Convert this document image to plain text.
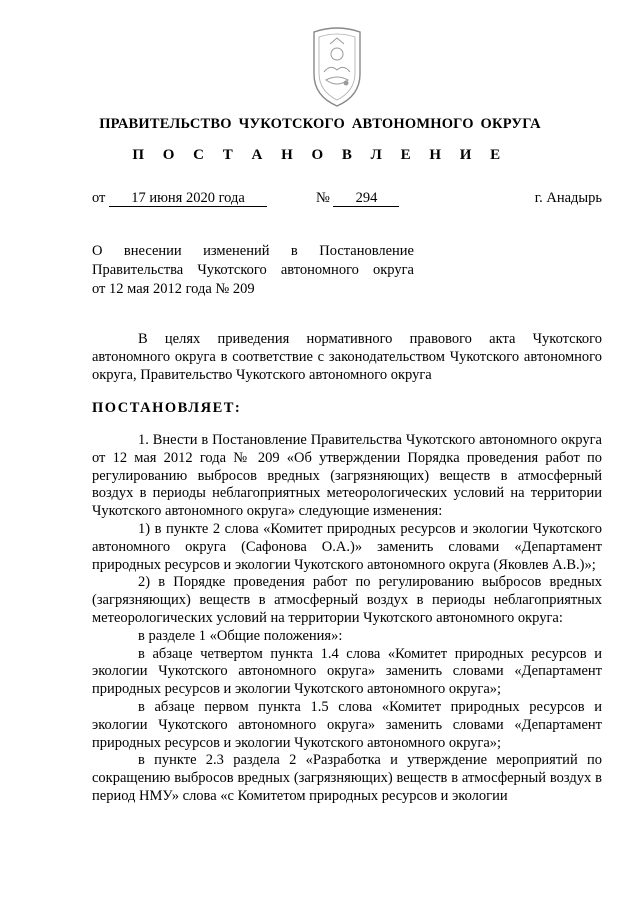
ПРАВИТЕЛЬСТВО ЧУКОТСКОГО АВТОНОМНОГО ОКРУГА
П О С Т А Н О В Л Е Н И Е
от 17 июня 2020 года	№ 294	г. Анадырь
О внесении изменений в Постановление
Правительства Чукотского автономного округа
от 12 мая 2012 года № 209

В целях приведения нормативного правового акта Чукотского автономного округа в соответствие с законодательством Чукотского автономного округа, Правительство Чукотского автономного округа

ПОСТАНОВЛЯЕТ:

1. Внести в Постановление Правительства Чукотского автономного округа от 12 мая 2012 года № 209 «Об утверждении Порядка проведения работ по регулированию выбросов вредных (загрязняющих) веществ в атмосферный воздух в периоды неблагоприятных метеорологических условий на территории Чукотского автономного округа» следующие изменения:

1) в пункте 2 слова «Комитет природных ресурсов и экологии Чукотского автономного округа (Сафонова О.А.)» заменить словами «Департамент природных ресурсов и экологии Чукотского автономного округа (Яковлев А.В.)»;

2) в Порядке проведения работ по регулированию выбросов вредных (загрязняющих) веществ в атмосферный воздух в периоды неблагоприятных метеорологических условий на территории Чукотского автономного округа:

в разделе 1 «Общие положения»:

в абзаце четвертом пункта 1.4 слова «Комитет природных ресурсов и экологии Чукотского автономного округа» заменить словами «Департамент природных ресурсов и экологии Чукотского автономного округа»;

в абзаце первом пункта 1.5 слова «Комитет природных ресурсов и экологии Чукотского автономного округа» заменить словами «Департамент природных ресурсов и экологии Чукотского автономного округа»;

в пункте 2.3 раздела 2 «Разработка и утверждение мероприятий по сокращению выбросов вредных (загрязняющих) веществ в атмосферный воздух в период НМУ» слова «с Комитетом природных ресурсов и экологии
